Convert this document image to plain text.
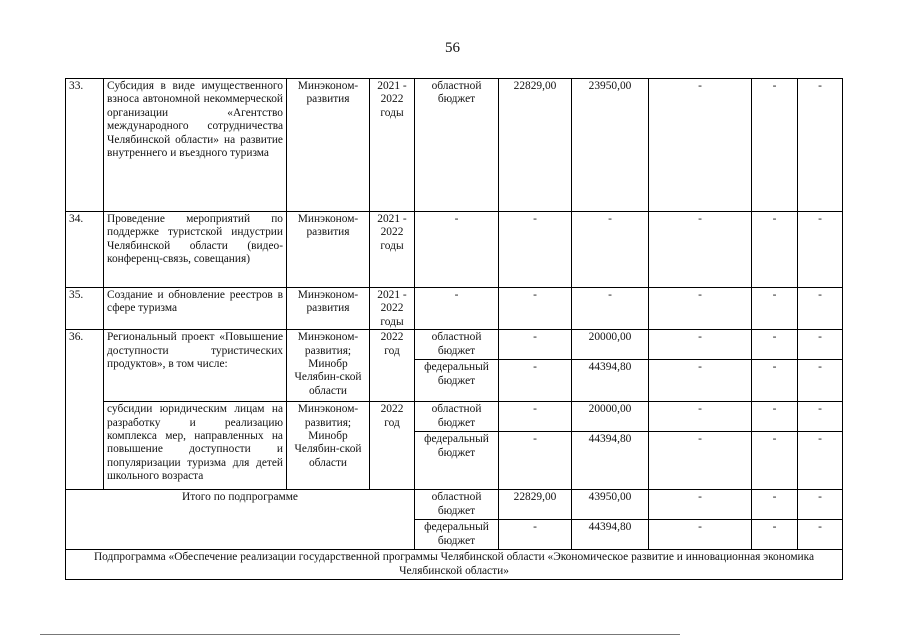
56
33.	Субсидия в виде имущественного взноса автономной некоммерческой организации «Агентство международного сотрудничества Челябинской области» на развитие внутреннего и въездного туризма	Минэконом-развития	2021 - 2022 годы	областной бюджет	22829,00	23950,00	-	-	-
34.	Проведение мероприятий по поддержке туристской индустрии Челябинской области (видео-конференц-связь, совещания)	Минэконом-развития	2021 - 2022 годы	-	-	-	-	-	-
35.	Создание и обновление реестров в сфере туризма	Минэконом-развития	2021 - 2022 годы	-	-	-	-	-	-
36.	Региональный проект «Повышение доступности туристических продуктов», в том числе:	Минэконом-развития; Минобр Челябин-ской области	2022 год	областной бюджет	-	20000,00	-	-	-
				федеральный бюджет	-	44394,80	-	-	-
	субсидии юридическим лицам на разработку и реализацию комплекса мер, направленных на повышение доступности и популяризации туризма для детей школьного возраста	Минэконом-развития; Минобр Челябин-ской области	2022 год	областной бюджет	-	20000,00	-	-	-
				федеральный бюджет	-	44394,80	-	-	-
Итого по подпрограмме				областной бюджет	22829,00	43950,00	-	-	-
				федеральный бюджет	-	44394,80	-	-	-
Подпрограмма «Обеспечение реализации государственной программы Челябинской области «Экономическое развитие и инновационная экономика Челябинской области»									
